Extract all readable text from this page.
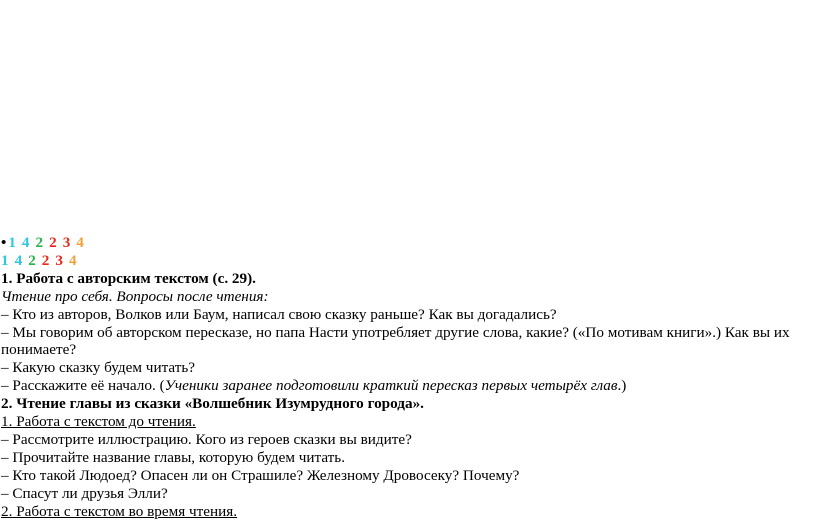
• 1 4 2 2 3 4
1 4 2 2 3 4
1. Работа с авторским текстом (с. 29).
Чтение про себя. Вопросы после чтения:
– Кто из авторов, Волков или Баум, написал свою сказку раньше? Как вы догадались?
– Мы говорим об авторском пересказе, но папа Насти употребляет другие слова, какие? («По мотивам книги».) Как вы их понимаете?
– Какую сказку будем читать?
– Расскажите её начало. (Ученики заранее подготовили краткий пересказ первых четырёх глав.)
2. Чтение главы из сказки «Волшебник Изумрудного города».
1. Работа с текстом до чтения.
– Рассмотрите иллюстрацию. Кого из героев сказки вы видите?
– Прочитайте название главы, которую будем читать.
– Кто такой Людоед? Опасен ли он Страшиле? Железному Дровосеку? Почему?
– Спасут ли друзья Элли?
2. Работа с текстом во время чтения.
